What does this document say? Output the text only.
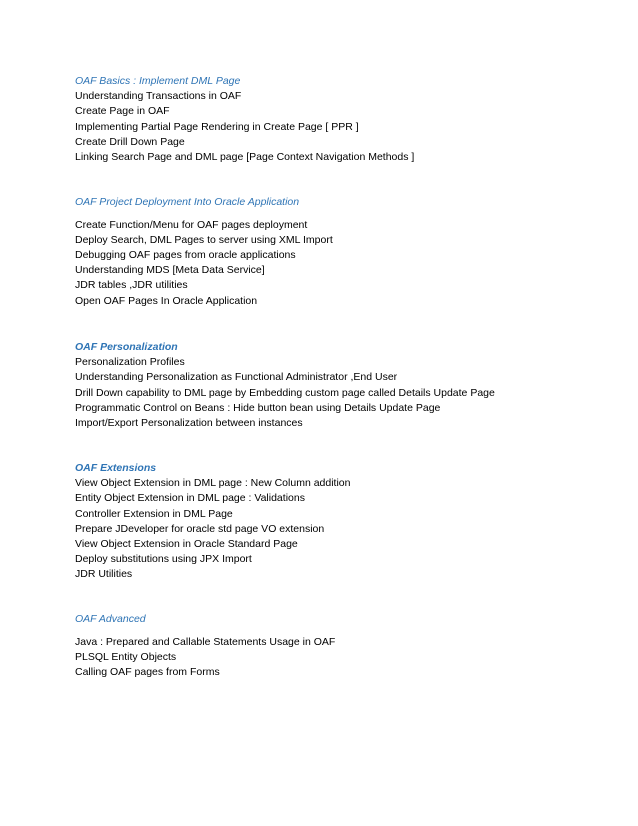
OAF Basics : Implement DML Page
Understanding Transactions in OAF
Create Page in OAF
Implementing Partial Page Rendering in Create Page [ PPR ]
Create Drill Down Page
Linking Search Page and DML page [Page Context Navigation Methods ]
OAF Project Deployment Into Oracle Application
Create Function/Menu for OAF pages deployment
Deploy Search, DML Pages to server using XML Import
Debugging OAF pages from oracle applications
Understanding MDS [Meta Data Service]
JDR tables ,JDR utilities
Open OAF Pages In Oracle Application
OAF Personalization
Personalization Profiles
Understanding Personalization as Functional Administrator ,End User
Drill Down capability to DML page by Embedding custom page called Details Update Page
Programmatic Control on Beans : Hide button bean using Details Update Page
Import/Export Personalization between instances
OAF Extensions
View Object Extension in DML page : New Column addition
Entity Object Extension in DML page : Validations
Controller Extension in DML Page
Prepare JDeveloper for oracle std page VO extension
View Object Extension in Oracle Standard Page
Deploy substitutions using JPX Import
JDR Utilities
OAF Advanced
Java : Prepared and Callable Statements Usage in OAF
PLSQL Entity Objects
Calling OAF pages from Forms
